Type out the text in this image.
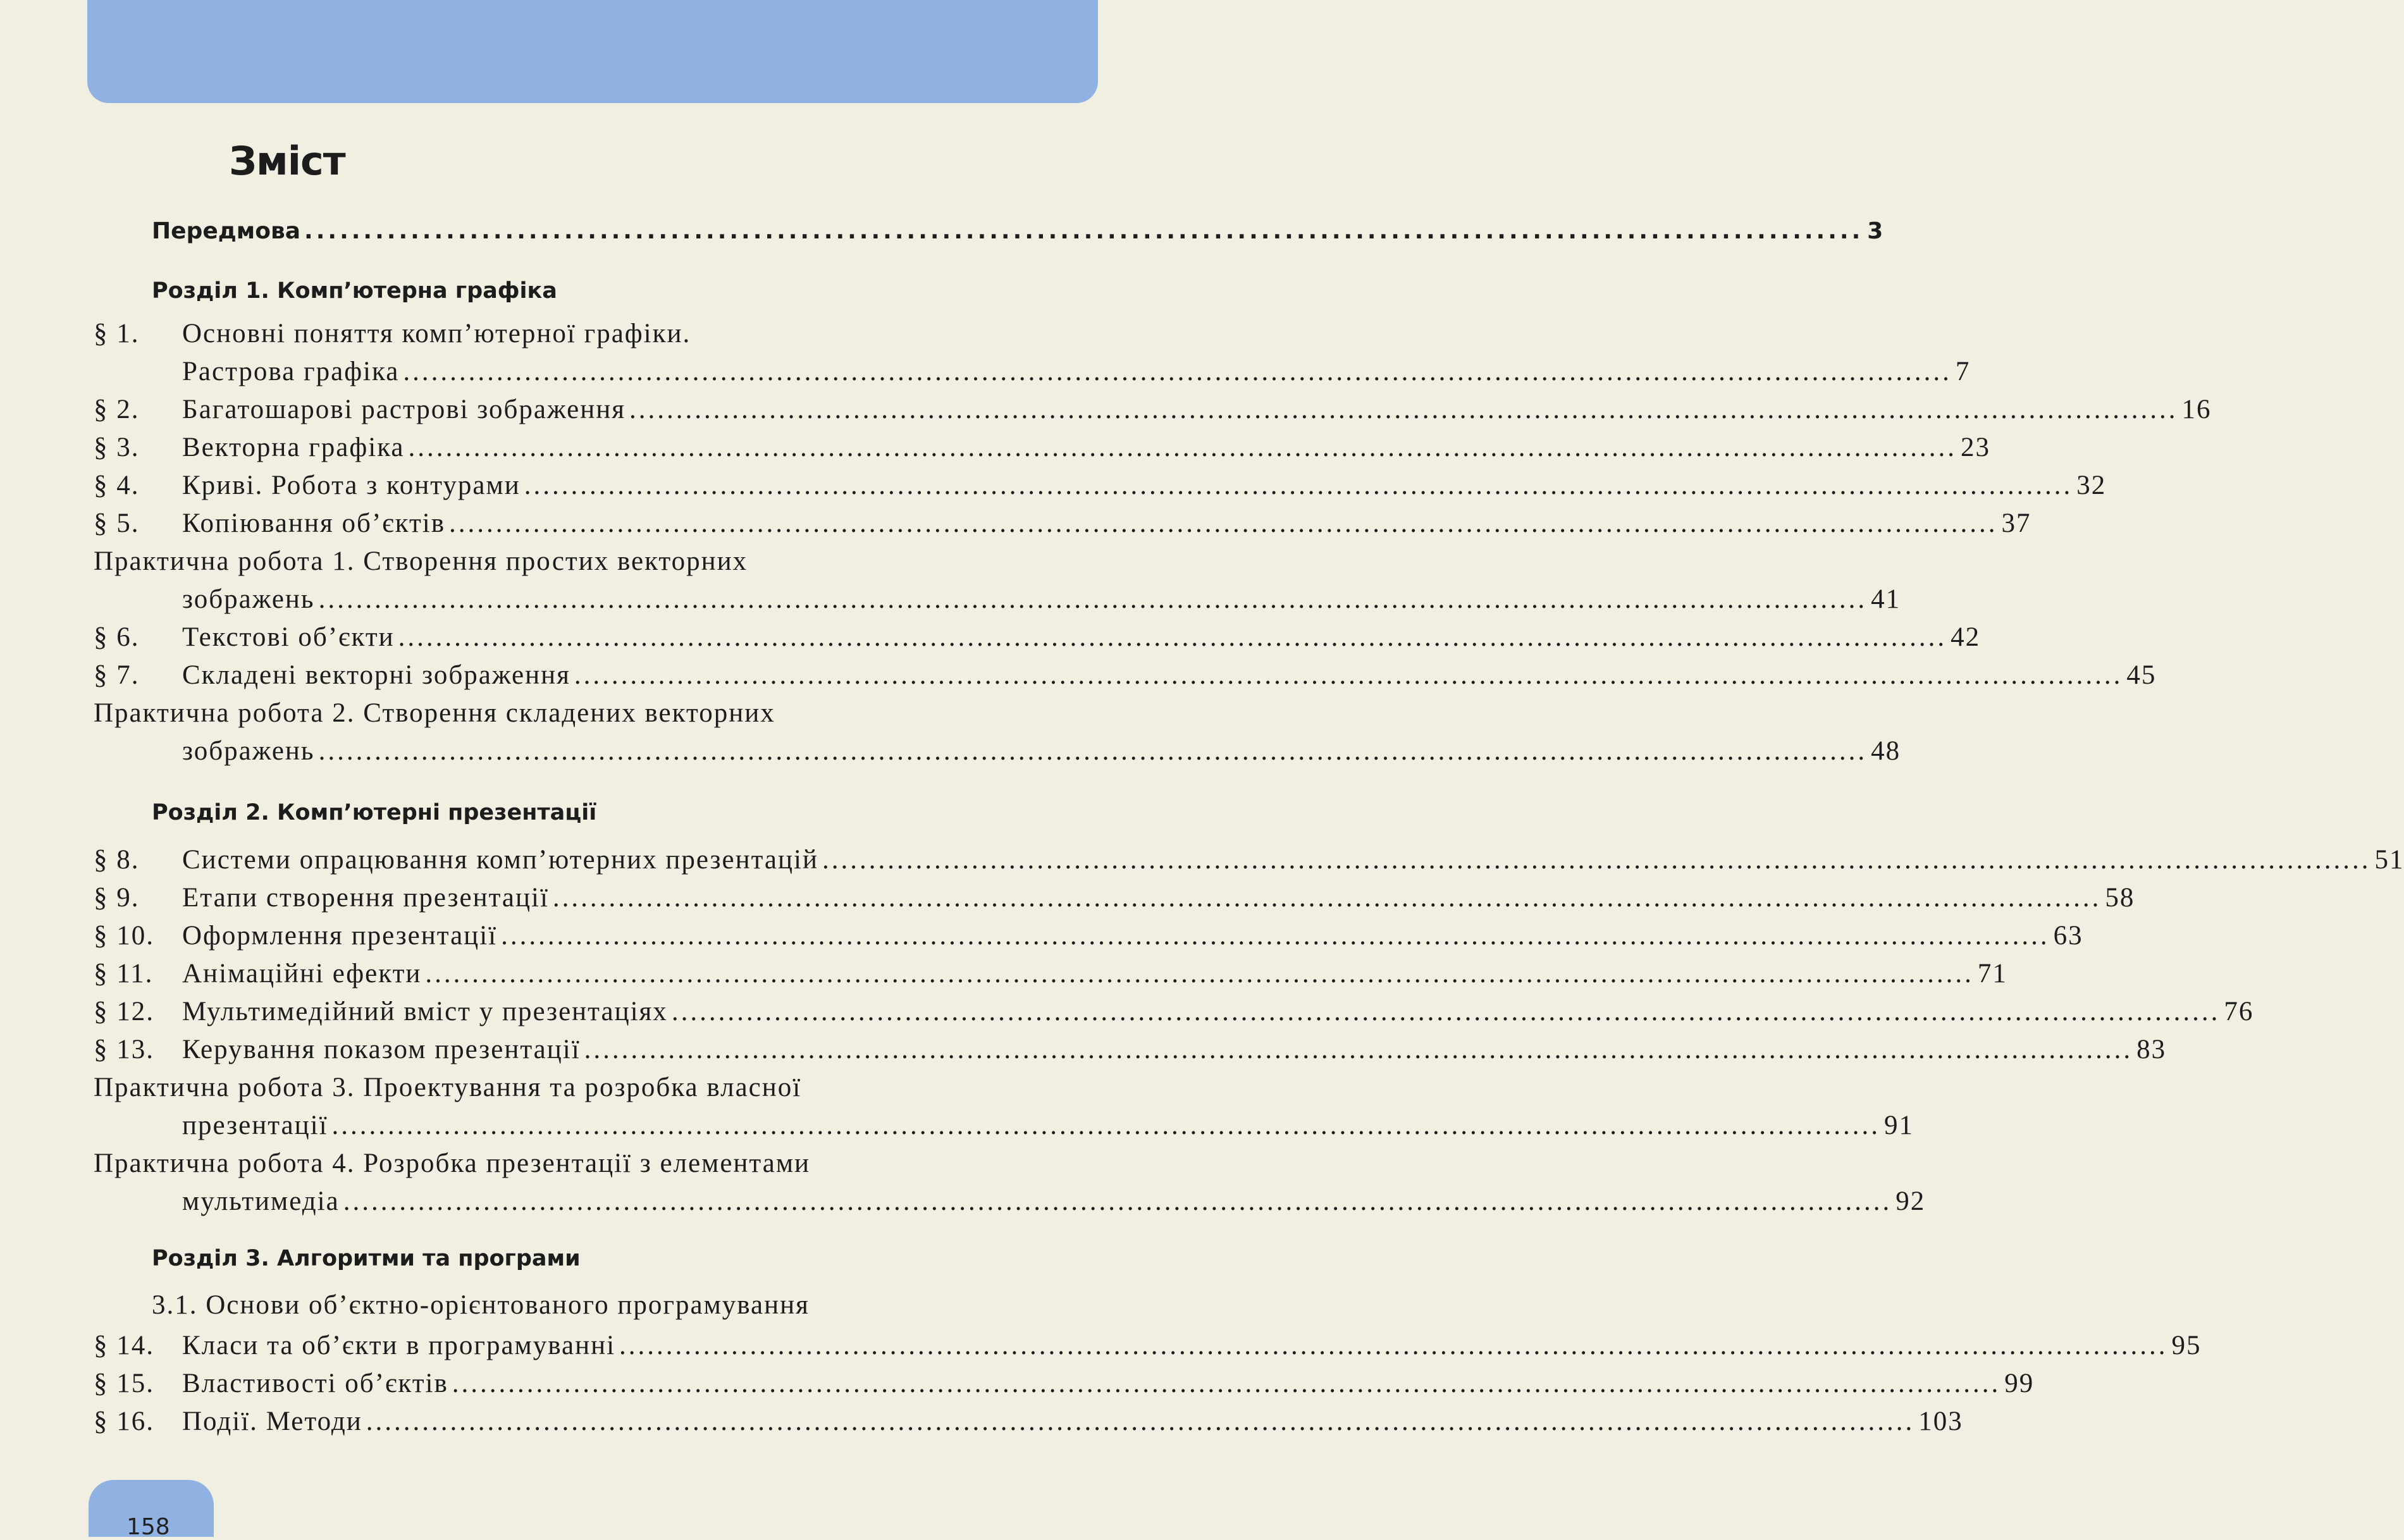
Зміст
Передмова .................................................................................................................................... 3
Розділ 1. Комп’ютерна графіка
§ 1. Основні поняття комп’ютерної графіки.
Растрова графіка ...................................................................................................................................................................... 7
§ 2.	Багатошарові растрові зображення ...................................................................................................................................................................... 16
§ 3.	Векторна графіка ...................................................................................................................................................................... 23
§ 4.	Криві. Робота з контурами ...................................................................................................................................................................... 32
§ 5.	Копіювання об’єктів ...................................................................................................................................................................... 37
Практична робота 1. Створення простих векторних
зображень ...................................................................................................................................................................... 41
§ 6.	Текстові об’єкти ...................................................................................................................................................................... 42
§ 7.	Складені векторні зображення ...................................................................................................................................................................... 45
Практична робота 2. Створення складених векторних
зображень ...................................................................................................................................................................... 48
Розділ 2. Комп’ютерні презентації
§ 8.	Системи опрацювання комп’ютерних презентацій ...................................................................................................................................................................... 51
§ 9.	Етапи створення презентації ...................................................................................................................................................................... 58
§ 10.	Оформлення презентації ...................................................................................................................................................................... 63
§ 11.	Анімаційні ефекти ...................................................................................................................................................................... 71
§ 12.	Мультимедійний вміст у презентаціях ...................................................................................................................................................................... 76
§ 13.	Керування показом презентації ...................................................................................................................................................................... 83
Практична робота 3. Проектування та розробка власної
презентації ...................................................................................................................................................................... 91
Практична робота 4. Розробка презентації з елементами
мультимедіа ...................................................................................................................................................................... 92
Розділ 3. Алгоритми та програми
3.1. Основи об’єктно-орієнтованого програмування
§ 14.	Класи та об’єкти в програмуванні ...................................................................................................................................................................... 95
§ 15.	Властивості об’єктів ...................................................................................................................................................................... 99
§ 16.	Події. Методи ...................................................................................................................................................................... 103
158
